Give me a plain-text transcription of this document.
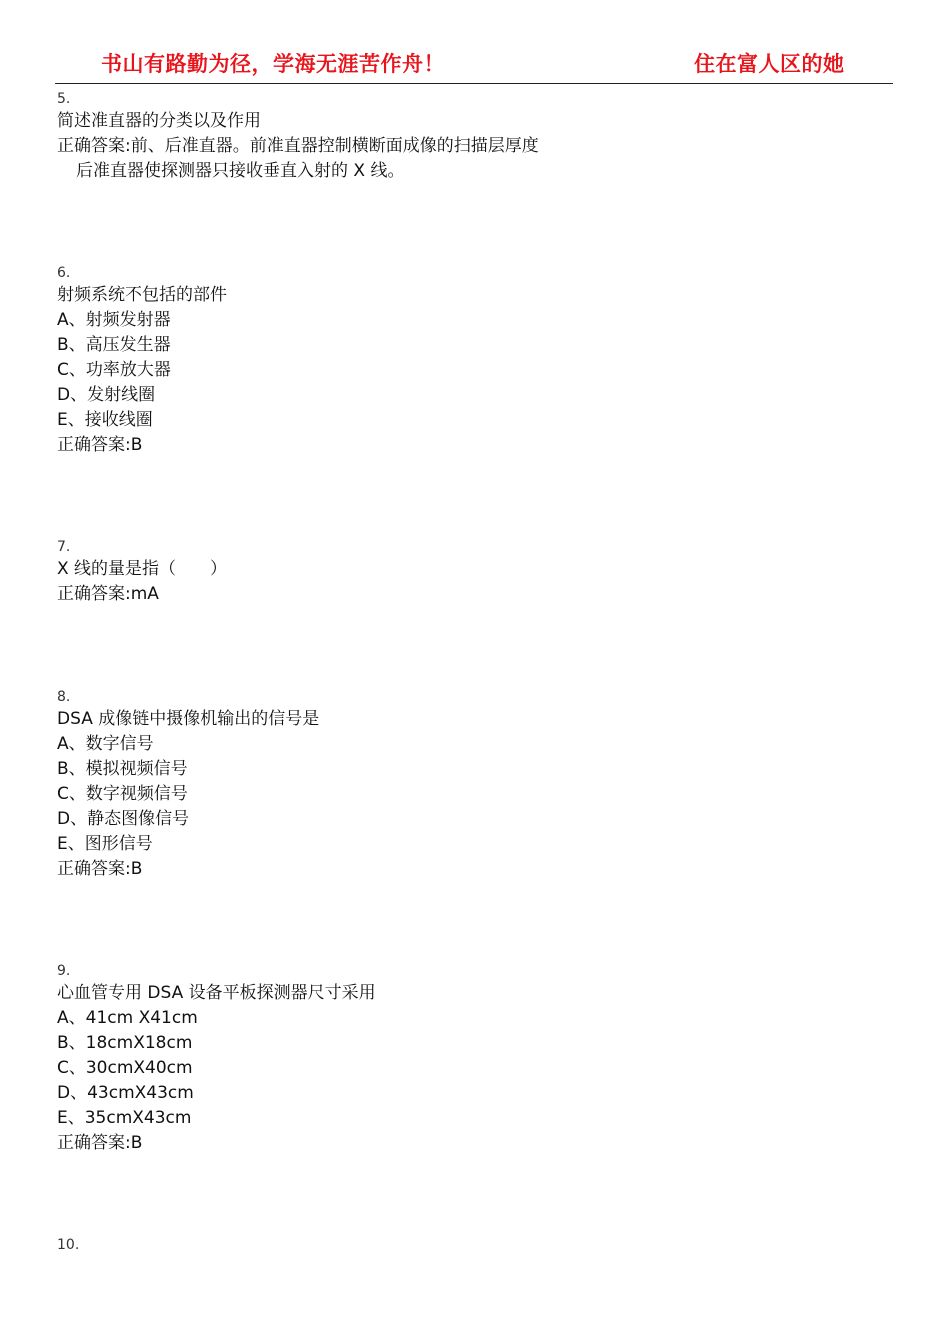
书山有路勤为径，学海无涯苦作舟！	住在富人区的她
5.
简述准直器的分类以及作用
正确答案:前、后准直器。前准直器控制横断面成像的扫描层厚度
后准直器使探测器只接收垂直入射的 X 线。
6.
射频系统不包括的部件
A、射频发射器
B、高压发生器
C、功率放大器
D、发射线圈
E、接收线圈
正确答案:B
7.
X 线的量是指（　　）
正确答案:mA
8.
DSA 成像链中摄像机输出的信号是
A、数字信号
B、模拟视频信号
C、数字视频信号
D、静态图像信号
E、图形信号
正确答案:B
9.
心血管专用 DSA 设备平板探测器尺寸采用
A、41cm X41cm
B、18cmX18cm
C、30cmX40cm
D、43cmX43cm
E、35cmX43cm
正确答案:B
10.
